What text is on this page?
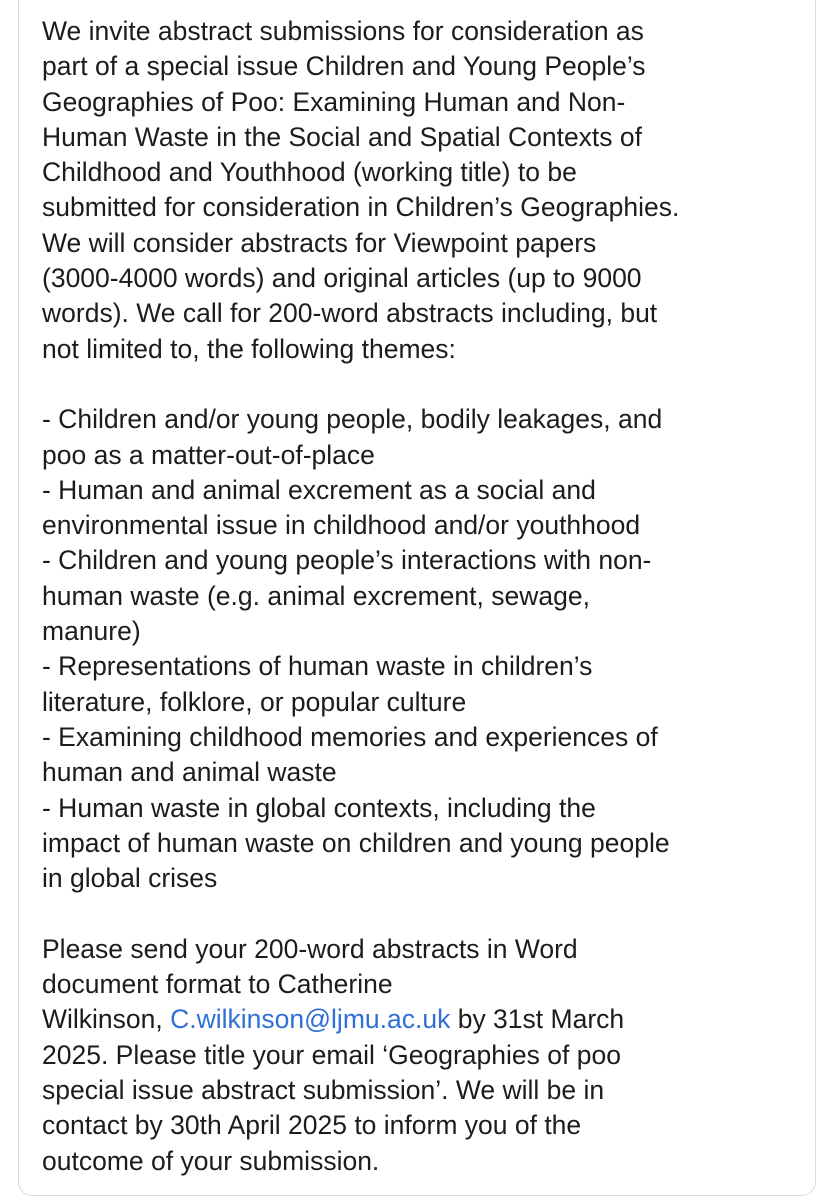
We invite abstract submissions for consideration as
part of a special issue Children and Young People’s
Geographies of Poo: Examining Human and Non-
Human Waste in the Social and Spatial Contexts of
Childhood and Youthhood (working title) to be
submitted for consideration in Children’s Geographies.
We will consider abstracts for Viewpoint papers
(3000-4000 words) and original articles (up to 9000
words). We call for 200-word abstracts including, but
not limited to, the following themes:
- Children and/or young people, bodily leakages, and
poo as a matter-out-of-place
- Human and animal excrement as a social and
environmental issue in childhood and/or youthhood
- Children and young people’s interactions with non-
human waste (e.g. animal excrement, sewage,
manure)
- Representations of human waste in children’s
literature, folklore, or popular culture
- Examining childhood memories and experiences of
human and animal waste
- Human waste in global contexts, including the
impact of human waste on children and young people
in global crises
Please send your 200-word abstracts in Word
document format to Catherine
Wilkinson, C.wilkinson@ljmu.ac.uk by 31st March
2025. Please title your email ‘Geographies of poo
special issue abstract submission’. We will be in
contact by 30th April 2025 to inform you of the
outcome of your submission.
